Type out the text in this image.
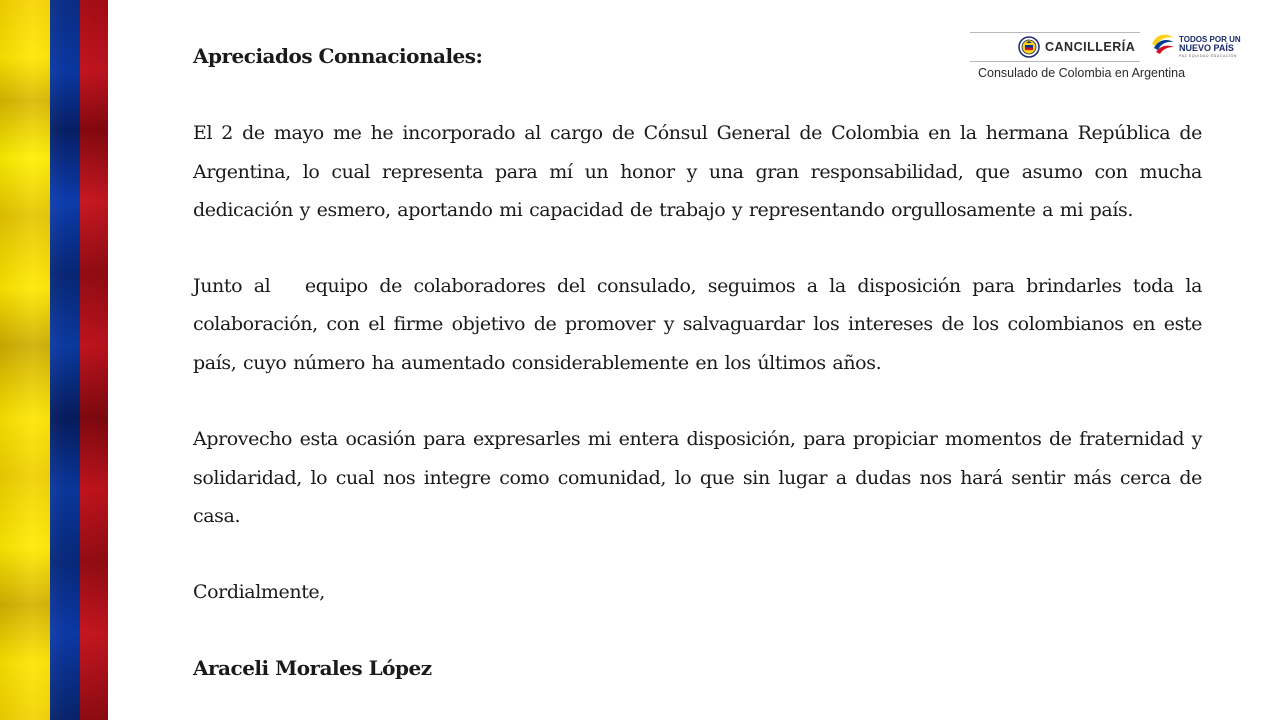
CANCILLERÍA
TODOS POR UN
NUEVO PAÍS
PAZ EQUIDAD EDUCACIÓN
Consulado de Colombia en Argentina

Apreciados Connacionales:

El 2 de mayo me he incorporado al cargo de Cónsul General de Colombia en la hermana República de Argentina, lo cual representa para mí un honor y una gran responsabilidad, que asumo con mucha dedicación y esmero, aportando mi capacidad de trabajo y representando orgullosamente a mi país.

Junto al   equipo de colaboradores del consulado, seguimos a la disposición para brindarles toda la colaboración, con el firme objetivo de promover y salvaguardar los intereses de los colombianos en este país, cuyo número ha aumentado considerablemente en los últimos años.

Aprovecho esta ocasión para expresarles mi entera disposición, para propiciar momentos de fraternidad y solidaridad, lo cual nos integre como comunidad, lo que sin lugar a dudas nos hará sentir más cerca de casa.

Cordialmente,

Araceli Morales López
